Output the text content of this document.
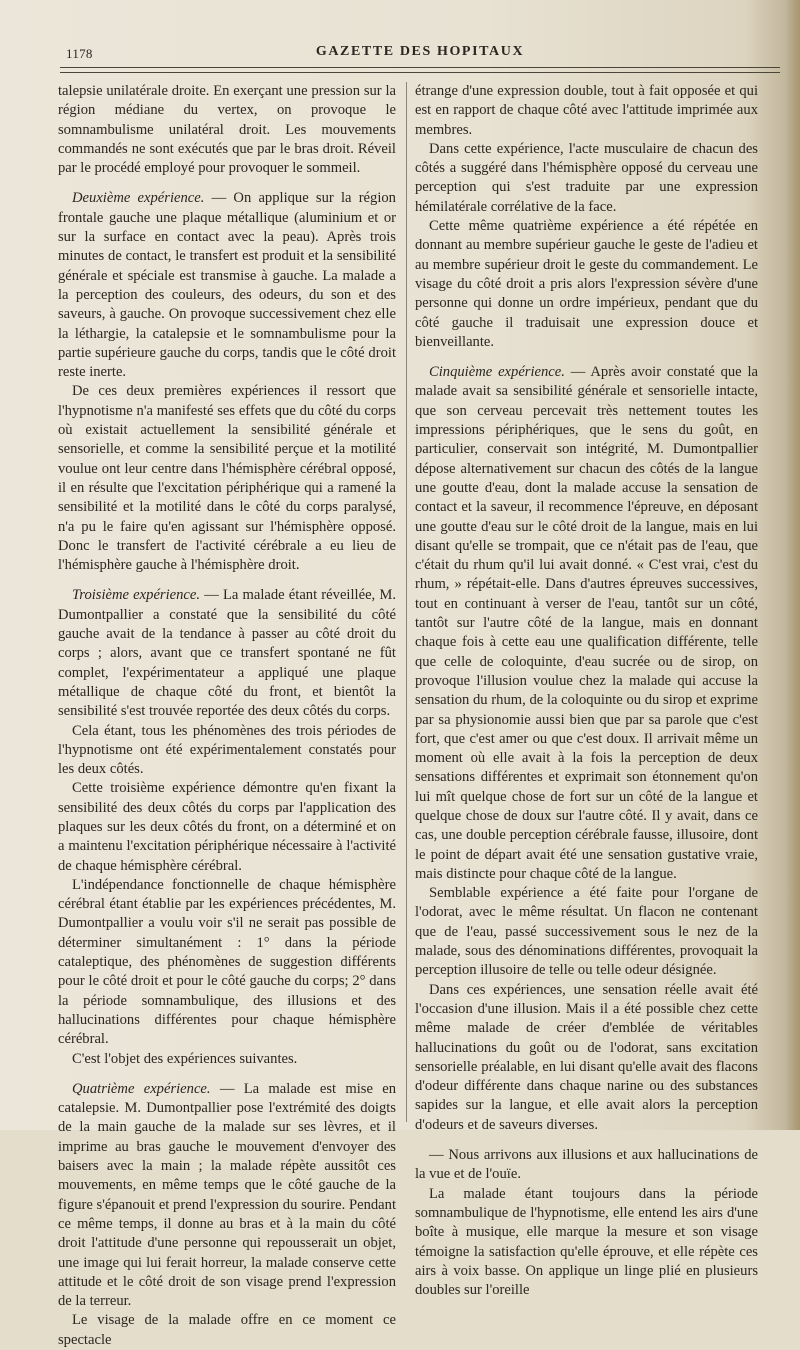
1178	GAZETTE DES HOPITAUX

talepsie unilatérale droite. En exerçant une pression sur la région médiane du vertex, on provoque le somnambulisme unilatéral droit. Les mouvements commandés ne sont exécutés que par le bras droit. Réveil par le procédé employé pour provoquer le sommeil.

Deuxième expérience. — On applique sur la région frontale gauche une plaque métallique (aluminium et or sur la surface en contact avec la peau). Après trois minutes de contact, le transfert est produit et la sensibilité générale et spéciale est transmise à gauche. La malade a la perception des couleurs, des odeurs, du son et des saveurs, à gauche. On provoque successivement chez elle la léthargie, la catalepsie et le somnambulisme pour la partie supérieure gauche du corps, tandis que le côté droit reste inerte.

De ces deux premières expériences il ressort que l'hypnotisme n'a manifesté ses effets que du côté du corps où existait actuellement la sensibilité générale et sensorielle, et comme la sensibilité perçue et la motilité voulue ont leur centre dans l'hémisphère cérébral opposé, il en résulte que l'excitation périphérique qui a ramené la sensibilité et la motilité dans le côté du corps paralysé, n'a pu le faire qu'en agissant sur l'hémisphère opposé. Donc le transfert de l'activité cérébrale a eu lieu de l'hémisphère gauche à l'hémisphère droit.

Troisième expérience. — La malade étant réveillée, M. Dumontpallier a constaté que la sensibilité du côté gauche avait de la tendance à passer au côté droit du corps ; alors, avant que ce transfert spontané ne fût complet, l'expérimentateur a appliqué une plaque métallique de chaque côté du front, et bientôt la sensibilité s'est trouvée reportée des deux côtés du corps.

Cela étant, tous les phénomènes des trois périodes de l'hypnotisme ont été expérimentalement constatés pour les deux côtés.

Cette troisième expérience démontre qu'en fixant la sensibilité des deux côtés du corps par l'application des plaques sur les deux côtés du front, on a déterminé et on a maintenu l'excitation périphérique nécessaire à l'activité de chaque hémisphère cérébral.

L'indépendance fonctionnelle de chaque hémisphère cérébral étant établie par les expériences précédentes, M. Dumontpallier a voulu voir s'il ne serait pas possible de déterminer simultanément : 1° dans la période cataleptique, des phénomènes de suggestion différents pour le côté droit et pour le côté gauche du corps; 2° dans la période somnambulique, des illusions et des hallucinations différentes pour chaque hémisphère cérébral.

C'est l'objet des expériences suivantes.

Quatrième expérience. — La malade est mise en catalepsie. M. Dumontpallier pose l'extrémité des doigts de la main gauche de la malade sur ses lèvres, et il imprime au bras gauche le mouvement d'envoyer des baisers avec la main ; la malade répète aussitôt ces mouvements, en même temps que le côté gauche de la figure s'épanouit et prend l'expression du sourire. Pendant ce même temps, il donne au bras et à la main du côté droit l'attitude d'une personne qui repousserait un objet, une image qui lui ferait horreur, la malade conserve cette attitude et le côté droit de son visage prend l'expression de la terreur.

Le visage de la malade offre en ce moment ce spectacle

étrange d'une expression double, tout à fait opposée et qui est en rapport de chaque côté avec l'attitude imprimée aux membres.

Dans cette expérience, l'acte musculaire de chacun des côtés a suggéré dans l'hémisphère opposé du cerveau une perception qui s'est traduite par une expression hémilatérale corrélative de la face.

Cette même quatrième expérience a été répétée en donnant au membre supérieur gauche le geste de l'adieu et au membre supérieur droit le geste du commandement. Le visage du côté droit a pris alors l'expression sévère d'une personne qui donne un ordre impérieux, pendant que du côté gauche il traduisait une expression douce et bienveillante.

Cinquième expérience. — Après avoir constaté que la malade avait sa sensibilité générale et sensorielle intacte, que son cerveau percevait très nettement toutes les impressions périphériques, que le sens du goût, en particulier, conservait son intégrité, M. Dumontpallier dépose alternativement sur chacun des côtés de la langue une goutte d'eau, dont la malade accuse la sensation de contact et la saveur, il recommence l'épreuve, en déposant une goutte d'eau sur le côté droit de la langue, mais en lui disant qu'elle se trompait, que ce n'était pas de l'eau, que c'était du rhum qu'il lui avait donné. « C'est vrai, c'est du rhum, » répétait-elle. Dans d'autres épreuves successives, tout en continuant à verser de l'eau, tantôt sur un côté, tantôt sur l'autre côté de la langue, mais en donnant chaque fois à cette eau une qualification différente, telle que celle de coloquinte, d'eau sucrée ou de sirop, on provoque l'illusion voulue chez la malade qui accuse la sensation du rhum, de la coloquinte ou du sirop et exprime par sa physionomie aussi bien que par sa parole que c'est fort, que c'est amer ou que c'est doux. Il arrivait même un moment où elle avait à la fois la perception de deux sensations différentes et exprimait son étonnement qu'on lui mît quelque chose de fort sur un côté de la langue et quelque chose de doux sur l'autre côté. Il y avait, dans ce cas, une double perception cérébrale fausse, illusoire, dont le point de départ avait été une sensation gustative vraie, mais distincte pour chaque côté de la langue.

Semblable expérience a été faite pour l'organe de l'odorat, avec le même résultat. Un flacon ne contenant que de l'eau, passé successivement sous le nez de la malade, sous des dénominations différentes, provoquait la perception illusoire de telle ou telle odeur désignée.

Dans ces expériences, une sensation réelle avait été l'occasion d'une illusion. Mais il a été possible chez cette même malade de créer d'emblée de véritables hallucinations du goût ou de l'odorat, sans excitation sensorielle préalable, en lui disant qu'elle avait des flacons d'odeur différente dans chaque narine ou des substances sapides sur la langue, et elle avait alors la perception d'odeurs et de saveurs diverses.

— Nous arrivons aux illusions et aux hallucinations de la vue et de l'ouïe.

La malade étant toujours dans la période somnambulique de l'hypnotisme, elle entend les airs d'une boîte à musique, elle marque la mesure et son visage témoigne la satisfaction qu'elle éprouve, et elle répète ces airs à voix basse. On applique un linge plié en plusieurs doubles sur l'oreille
